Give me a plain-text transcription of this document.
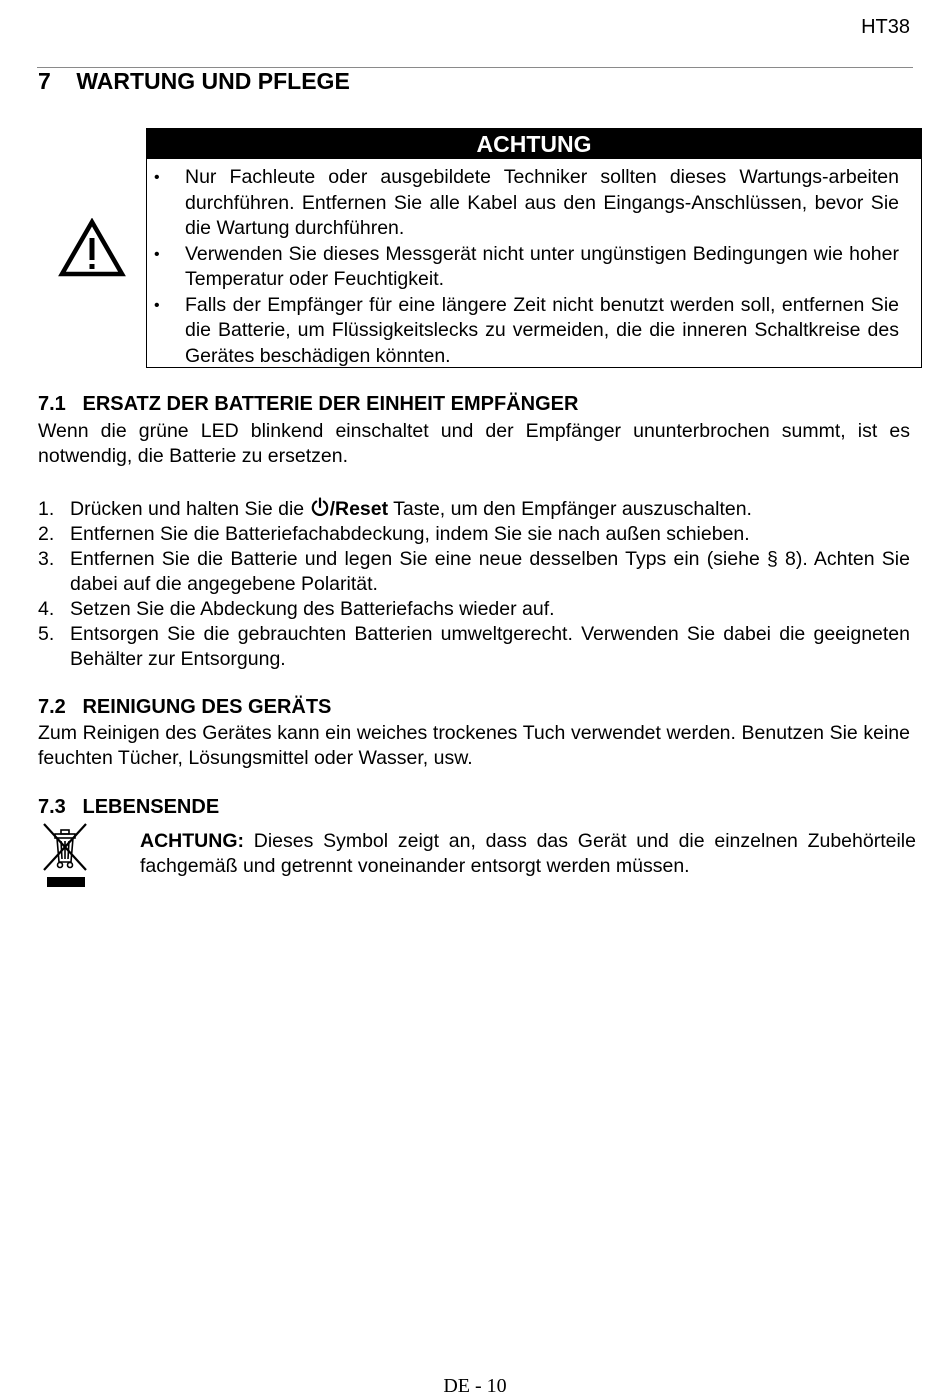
HT38
7    WARTUNG UND PFLEGE
ACHTUNG
• Nur Fachleute oder ausgebildete Techniker sollten dieses Wartungs-arbeiten durchführen. Entfernen Sie alle Kabel aus den Eingangs-Anschlüssen, bevor Sie die Wartung durchführen.
• Verwenden Sie dieses Messgerät nicht unter ungünstigen Bedingungen wie hoher Temperatur oder Feuchtigkeit.
• Falls der Empfänger für eine längere Zeit nicht benutzt werden soll, entfernen Sie die Batterie, um Flüssigkeitslecks zu vermeiden, die die inneren Schaltkreise des Gerätes beschädigen könnten.
7.1   ERSATZ DER BATTERIE DER EINHEIT EMPFÄNGER
Wenn die grüne LED blinkend einschaltet und der Empfänger ununterbrochen summt, ist es notwendig, die Batterie zu ersetzen.
1. Drücken und halten Sie die /Reset Taste, um den Empfänger auszuschalten.
2. Entfernen Sie die Batteriefachabdeckung, indem Sie sie nach außen schieben.
3. Entfernen Sie die Batterie und legen Sie eine neue desselben Typs ein (siehe § 8). Achten Sie dabei auf die angegebene Polarität.
4. Setzen Sie die Abdeckung des Batteriefachs wieder auf.
5. Entsorgen Sie die gebrauchten Batterien umweltgerecht. Verwenden Sie dabei die geeigneten Behälter zur Entsorgung.
7.2   REINIGUNG DES GERÄTS
Zum Reinigen des Gerätes kann ein weiches trockenes Tuch verwendet werden. Benutzen Sie keine feuchten Tücher, Lösungsmittel oder Wasser, usw.
7.3   LEBENSENDE
ACHTUNG: Dieses Symbol zeigt an, dass das Gerät und die einzelnen Zubehörteile fachgemäß und getrennt voneinander entsorgt werden müssen.
DE - 10
